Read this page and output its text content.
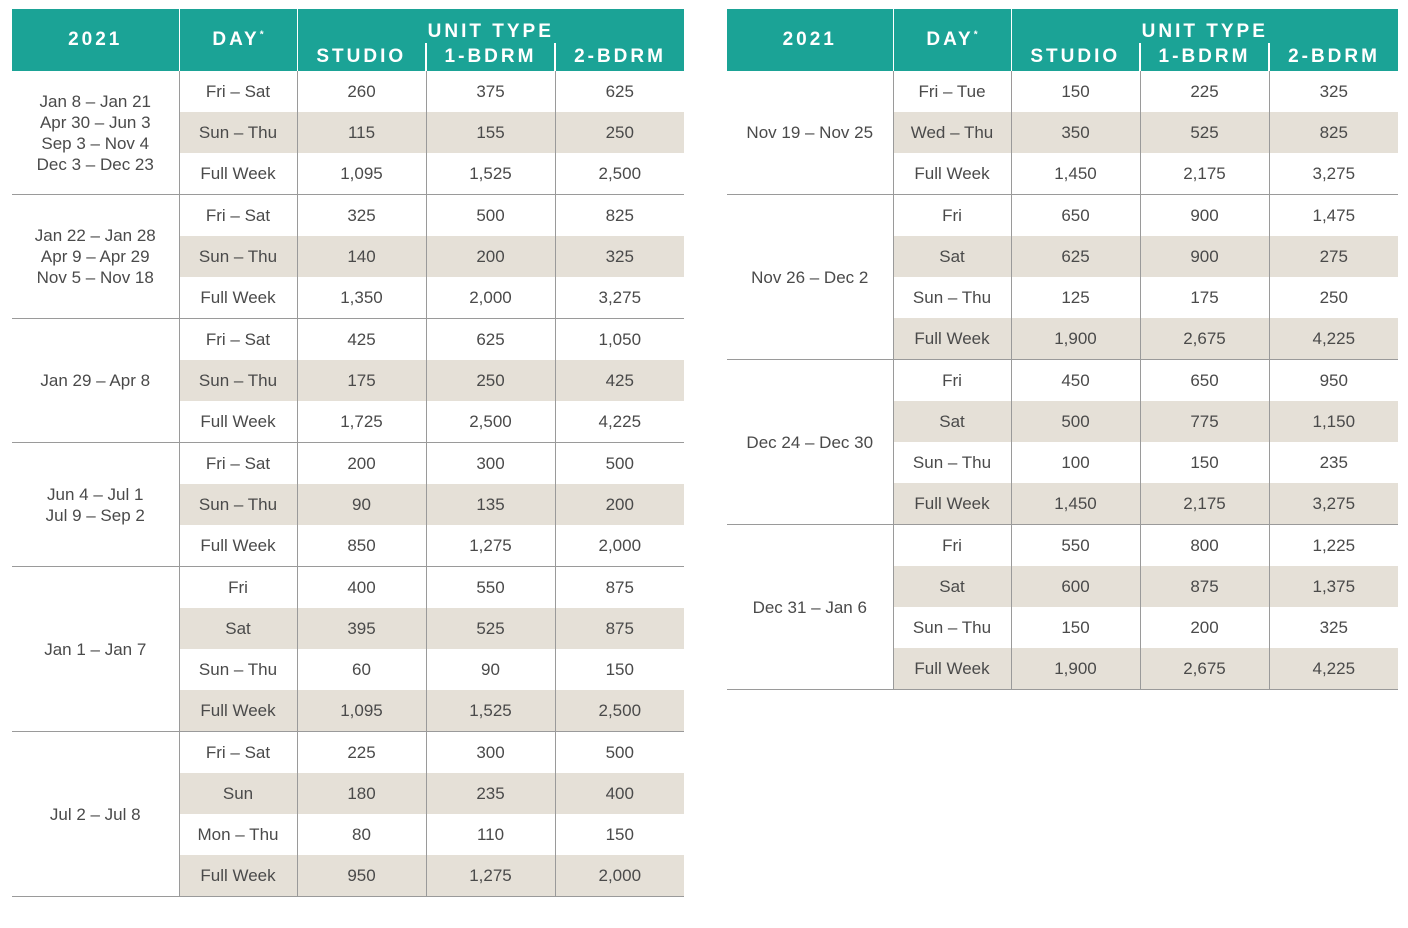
2021	DAY*	UNIT TYPE		
		STUDIO	1-BDRM	2-BDRM

Jan 8 – Jan 21
Apr 30 – Jun 3
Sep 3 – Nov 4
Dec 3 – Dec 23	Fri – Sat	260	375	625
	Sun – Thu	115	155	250
	Full Week	1,095	1,525	2,500

Jan 22 – Jan 28
Apr 9 – Apr 29
Nov 5 – Nov 18	Fri – Sat	325	500	825
	Sun – Thu	140	200	325
	Full Week	1,350	2,000	3,275

Jan 29 – Apr 8	Fri – Sat	425	625	1,050
	Sun – Thu	175	250	425
	Full Week	1,725	2,500	4,225

Jun 4 – Jul 1
Jul 9 – Sep 2	Fri – Sat	200	300	500
	Sun – Thu	90	135	200
	Full Week	850	1,275	2,000

Jan 1 – Jan 7	Fri	400	550	875
	Sat	395	525	875
	Sun – Thu	60	90	150
	Full Week	1,095	1,525	2,500

Jul 2 – Jul 8	Fri – Sat	225	300	500
	Sun	180	235	400
	Mon – Thu	80	110	150
	Full Week	950	1,275	2,000
2021	DAY*	UNIT TYPE		
		STUDIO	1-BDRM	2-BDRM

Nov 19 – Nov 25	Fri – Tue	150	225	325
	Wed – Thu	350	525	825
	Full Week	1,450	2,175	3,275

Nov 26 – Dec 2	Fri	650	900	1,475
	Sat	625	900	275
	Sun – Thu	125	175	250
	Full Week	1,900	2,675	4,225

Dec 24 – Dec 30	Fri	450	650	950
	Sat	500	775	1,150
	Sun – Thu	100	150	235
	Full Week	1,450	2,175	3,275

Dec 31 – Jan 6	Fri	550	800	1,225
	Sat	600	875	1,375
	Sun – Thu	150	200	325
	Full Week	1,900	2,675	4,225
